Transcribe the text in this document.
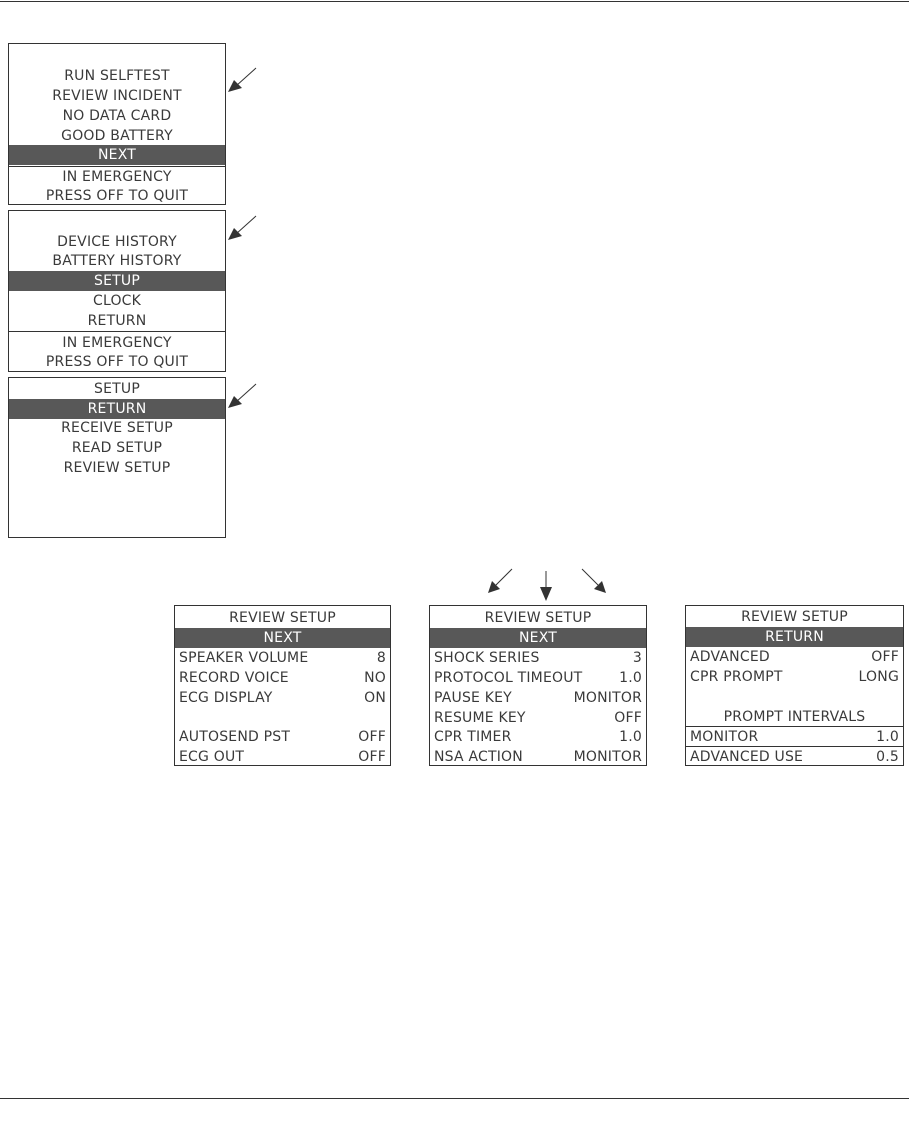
RUN SELFTEST
REVIEW INCIDENT
NO DATA CARD
GOOD BATTERY
NEXT
IN EMERGENCY
PRESS OFF TO QUIT
DEVICE HISTORY
BATTERY HISTORY
SETUP
CLOCK
RETURN
IN EMERGENCY
PRESS OFF TO QUIT
SETUP
RETURN
RECEIVE SETUP
READ SETUP
REVIEW SETUP
REVIEW SETUP
NEXT
SPEAKER VOLUME	8
RECORD VOICE	NO
ECG DISPLAY	ON
AUTOSEND PST	OFF
ECG OUT	OFF
REVIEW SETUP
NEXT
SHOCK SERIES	3
PROTOCOL TIMEOUT	1.0
PAUSE KEY	MONITOR
RESUME KEY	OFF
CPR TIMER	1.0
NSA ACTION	MONITOR
REVIEW SETUP
RETURN
ADVANCED	OFF
CPR PROMPT	LONG
PROMPT INTERVALS
MONITOR	1.0
ADVANCED USE	0.5
